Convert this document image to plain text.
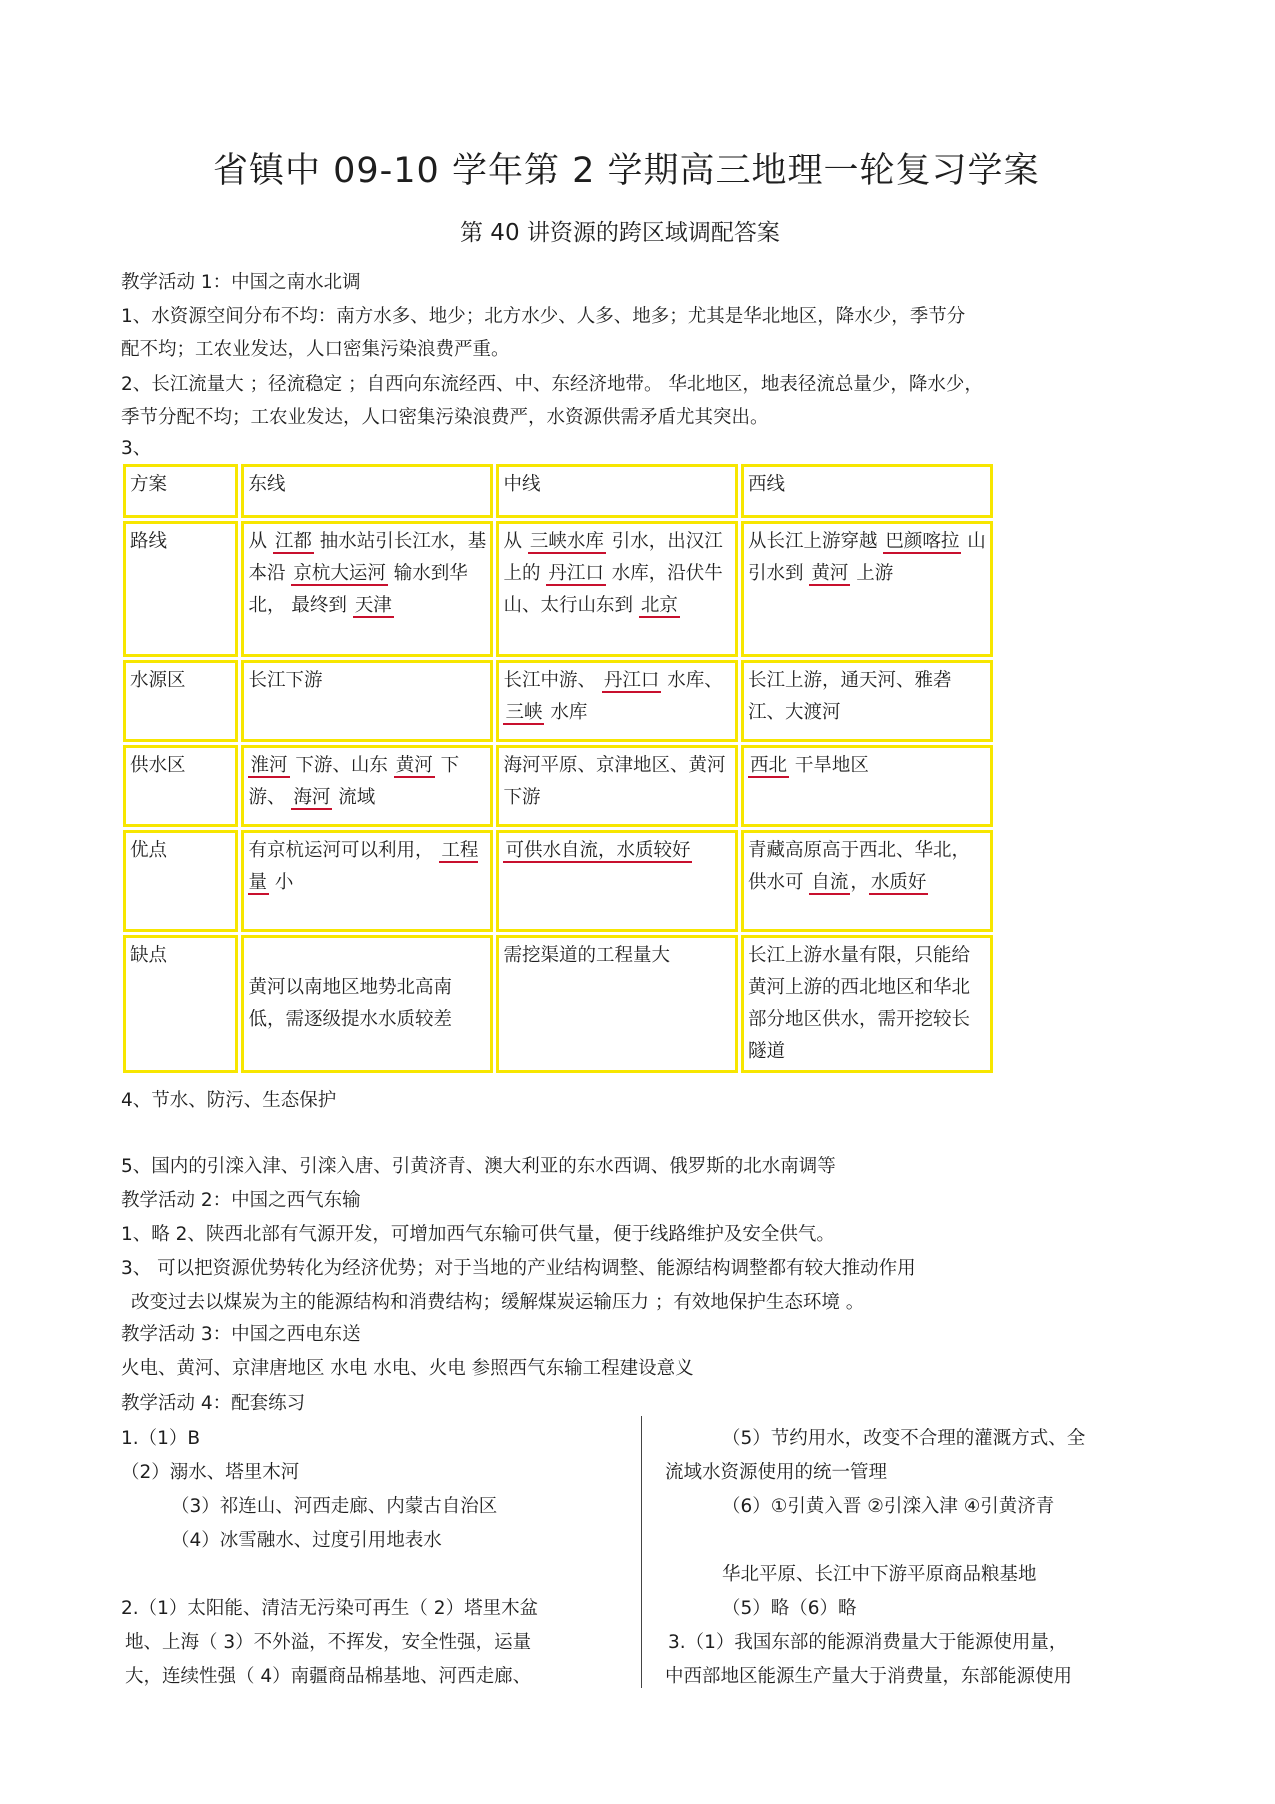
省镇中 09-10 学年第 2 学期高三地理一轮复习学案
第 40 讲资源的跨区域调配答案
教学活动 1：中国之南水北调
1、水资源空间分布不均：南方水多、地少；北方水少、人多、地多；尤其是华北地区，降水少，季节分
配不均；工农业发达，人口密集污染浪费严重。
2、长江流量大 ；径流稳定 ；自西向东流经西、中、东经济地带。 华北地区，地表径流总量少，降水少，
季节分配不均；工农业发达，人口密集污染浪费严，水资源供需矛盾尤其突出。
3、
方案	东线	中线	西线
路线	从 江都 抽水站引长江水，基本沿 京杭大运河 输水到华北， 最终到 天津	从 三峡水库 引水，出汉江上的 丹江口 水库，沿伏牛山、太行山东到 北京	从长江上游穿越 巴颜喀拉 山引水到 黄河 上游
水源区	长江下游	长江中游、 丹江口 水库、三峡 水库	长江上游，通天河、雅砻江、大渡河
供水区	淮河 下游、山东 黄河 下游、 海河 流域	海河平原、京津地区、黄河下游	西北 干旱地区
优点	有京杭运河可以利用， 工程量 小	可供水自流，水质较好	青藏高原高于西北、华北，供水可 自流 ， 水质好
缺点	黄河以南地区地势北高南低，需逐级提水水质较差	需挖渠道的工程量大	长江上游水量有限，只能给黄河上游的西北地区和华北部分地区供水，需开挖较长隧道
4、节水、防污、生态保护
5、国内的引滦入津、引滦入唐、引黄济青、澳大利亚的东水西调、俄罗斯的北水南调等
教学活动 2：中国之西气东输
1、略 2、陕西北部有气源开发，可增加西气东输可供气量，便于线路维护及安全供气。
3、 可以把资源优势转化为经济优势；对于当地的产业结构调整、能源结构调整都有较大推动作用
改变过去以煤炭为主的能源结构和消费结构；缓解煤炭运输压力 ；有效地保护生态环境 。
教学活动 3：中国之西电东送
火电、黄河、京津唐地区 水电 水电、火电 参照西气东输工程建设意义
教学活动 4：配套练习
1.（1）B
（2）溺水、塔里木河
（3）祁连山、河西走廊、内蒙古自治区
（4）冰雪融水、过度引用地表水
2.（1）太阳能、清洁无污染可再生（ 2）塔里木盆
地、上海（ 3）不外溢，不挥发，安全性强，运量
大，连续性强（ 4）南疆商品棉基地、河西走廊、
（5）节约用水，改变不合理的灌溉方式、全
流域水资源使用的统一管理
（6）①引黄入晋 ②引滦入津 ④引黄济青
华北平原、长江中下游平原商品粮基地
（5）略（6）略
3.（1）我国东部的能源消费量大于能源使用量，
中西部地区能源生产量大于消费量，东部能源使用
